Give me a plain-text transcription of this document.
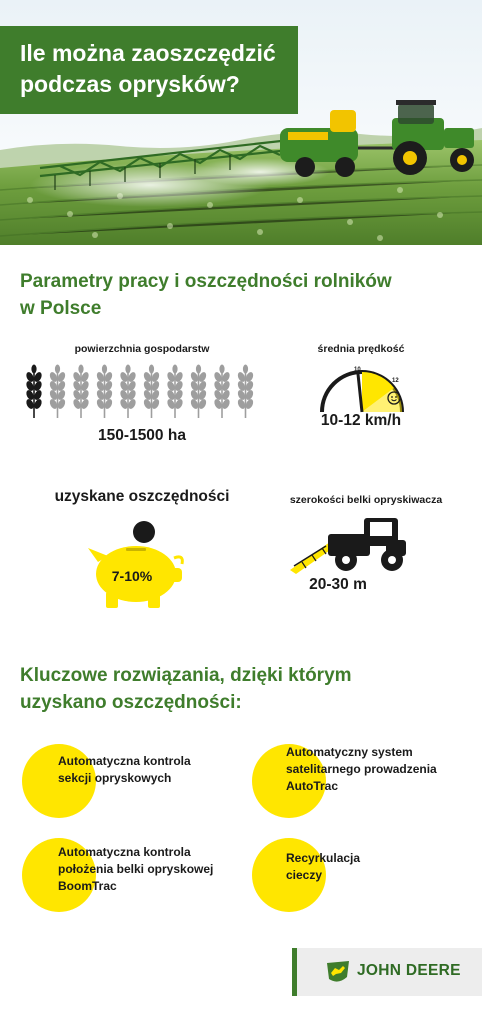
Ile można zaoszczędzić
podczas oprysków?
Parametry pracy i oszczędności rolników
w Polsce
powierzchnia gospodarstw
150-1500 ha
średnia prędkość
10
12
10-12 km/h
uzyskane oszczędności
7-10%
szerokości belki opryskiwacza
20-30 m
Kluczowe rozwiązania, dzięki którym
uzyskano oszczędności:
Automatyczna kontrola
sekcji opryskowych
Automatyczny system
satelitarnego prowadzenia
AutoTrac
Automatyczna kontrola
położenia belki opryskowej
BoomTrac
Recyrkulacja
cieczy
JOHN DEERE
